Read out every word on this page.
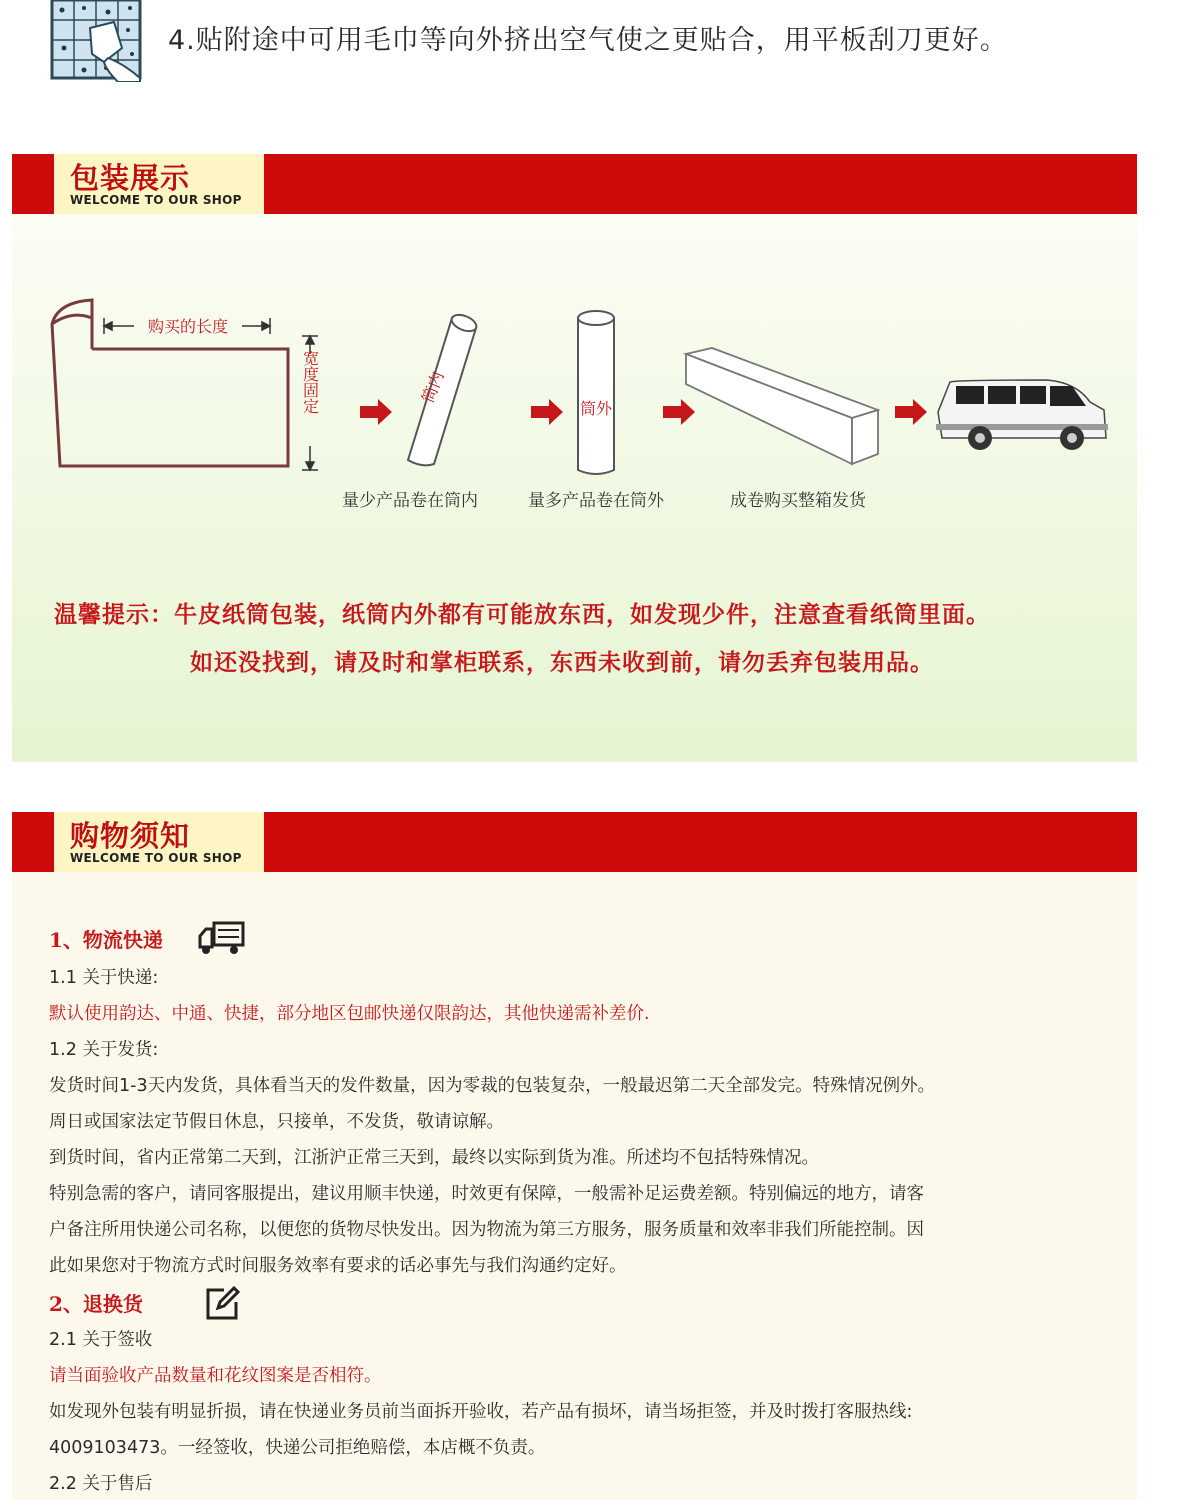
4.贴附途中可用毛巾等向外挤出空气使之更贴合，用平板刮刀更好。
包装展示
WELCOME TO OUR SHOP
购买的长度
宽度固定	筒内
筒外
量少产品卷在筒内	量多产品卷在筒外	成卷购买整箱发货
温馨提示：牛皮纸筒包装，纸筒内外都有可能放东西，如发现少件，注意查看纸筒里面。
如还没找到，请及时和掌柜联系，东西未收到前，请勿丢弃包装用品。
购物须知
WELCOME TO OUR SHOP
1、物流快递
1.1 关于快递:
默认使用韵达、中通、快捷，部分地区包邮快递仅限韵达，其他快递需补差价.
1.2 关于发货:
发货时间1-3天内发货，具体看当天的发件数量，因为零裁的包装复杂，一般最迟第二天全部发完。特殊情况例外。
周日或国家法定节假日休息，只接单，不发货，敬请谅解。
到货时间，省内正常第二天到，江浙沪正常三天到，最终以实际到货为准。所述均不包括特殊情况。
特别急需的客户，请同客服提出，建议用顺丰快递，时效更有保障，一般需补足运费差额。特别偏远的地方，请客
户备注所用快递公司名称，以便您的货物尽快发出。因为物流为第三方服务，服务质量和效率非我们所能控制。因
此如果您对于物流方式时间服务效率有要求的话必事先与我们沟通约定好。
2、退换货
2.1 关于签收
请当面验收产品数量和花纹图案是否相符。
如发现外包装有明显折损，请在快递业务员前当面拆开验收，若产品有损坏，请当场拒签，并及时拨打客服热线:
4009103473。一经签收，快递公司拒绝赔偿，本店概不负责。
2.2 关于售后
